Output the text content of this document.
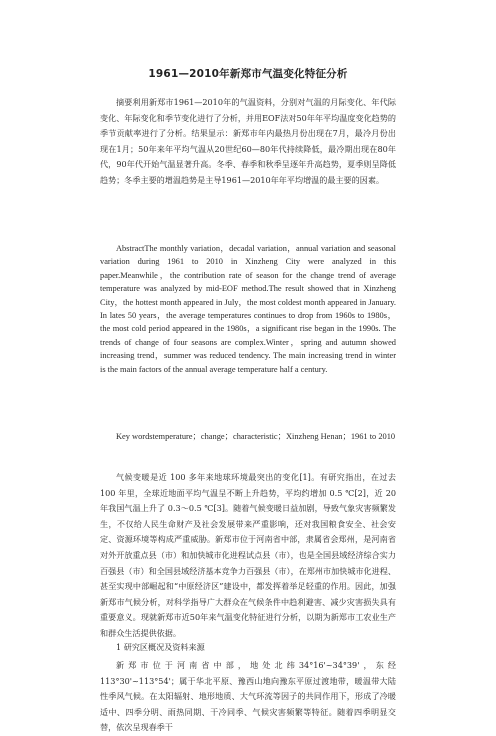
1961—2010年新郑市气温变化特征分析

摘要利用新郑市1961—2010年的气温资料，分别对气温的月际变化、年代际变化、年际变化和季节变化进行了分析，并用EOF法对50年年平均温度变化趋势的季节贡献率进行了分析。结果显示：新郑市年内最热月份出现在7月，最冷月份出现在1月；50年来年平均气温从20世纪60—80年代持续降低，最冷期出现在80年代，90年代开始气温显著升高。冬季、春季和秋季呈逐年升高趋势，夏季则呈降低趋势；冬季主要的增温趋势是主导1961—2010年年平均增温的最主要的因素。

AbstractThe monthly variation，decadal variation，annual variation and seasonal variation during 1961 to 2010 in Xinzheng City were analyzed in this paper.Meanwhile，the contribution rate of season for the change trend of average temperature was analyzed by mid-EOF method.The result showed that in Xinzheng City，the hottest month appeared in July，the most coldest month appeared in January. In lates 50 years，the average temperatures continues to drop from 1960s to 1980s，the most cold period appeared in the 1980s，a significant rise began in the 1990s. The trends of change of four seasons are complex.Winter，spring and autumn showed increasing trend，summer was reduced tendency. The main increasing trend in winter is the main factors of the annual average temperature half a century.

Key wordstemperature；change；characteristic；Xinzheng Henan；1961 to 2010

气候变暖是近 100 多年来地球环境最突出的变化[1]。有研究指出，在过去100 年里，全球近地面平均气温呈不断上升趋势，平均约增加 0.5 ℃[2]，近 20年我国气温上升了 0.3～0.5 ℃[3]。随着气候变暖日益加剧，导致气象灾害频繁发生，不仅给人民生命财产及社会发展带来严重影响，还对我国粮食安全、社会安定、资源环境等构成严重威胁。新郑市位于河南省中部，隶属省会郑州，是河南省对外开放重点县（市）和加快城市化进程试点县（市），也是全国县域经济综合实力百强县（市）和全国县域经济基本竞争力百强县（市），在郑州市加快城市化进程、甚至实现中部崛起和“中原经济区”建设中，都发挥着举足轻重的作用。因此，加强新郑市气候分析，对科学指导广大群众在气候条件中趋利避害、减少灾害损失具有重要意义。现就新郑市近50年来气温变化特征进行分析，以期为新郑市工农业生产和群众生活提供依据。

1 研究区概况及资料来源

新郑市位于河南省中部，地处北纬34°16'~34°39'，东经113°30'~113°54'；属于华北平原、豫西山地向豫东平原过渡地带，暖温带大陆性季风气候。在太阳辐射、地形地质、大气环流等因子的共同作用下，形成了冷暖适中、四季分明、雨热同期、干冷同季、气候灾害频繁等特征。随着四季明显交替，依次呈现春季干
